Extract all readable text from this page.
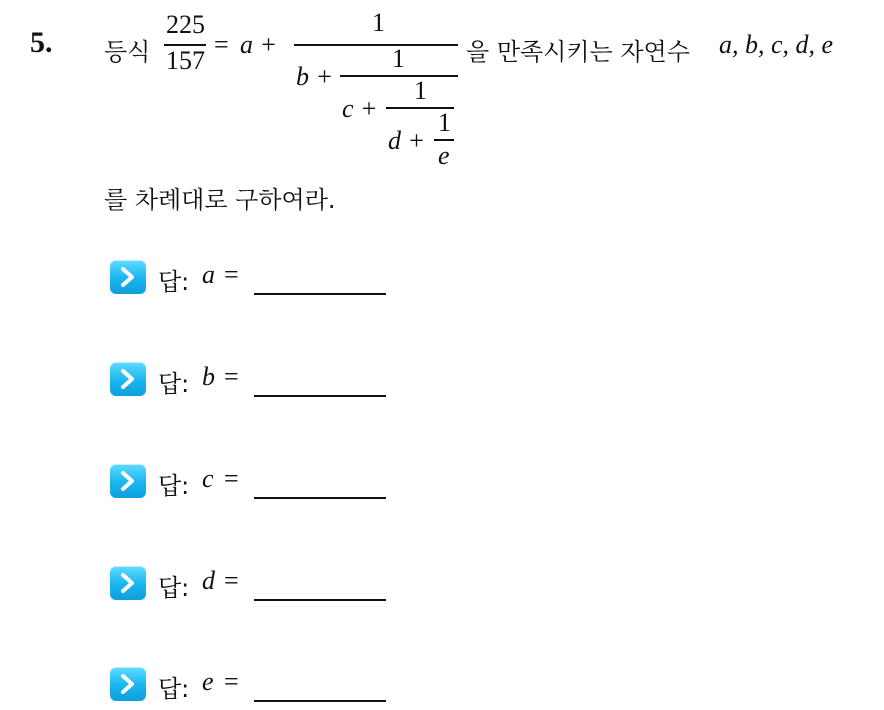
5. 등식
225
157
= a +
1
b +
1
c +
1
d +
1
e
을 만족시키는 자연수 a, b, c, d, e
를 차례대로 구하여라.
답: a =
답: b =
답: c =
답: d =
답: e =
